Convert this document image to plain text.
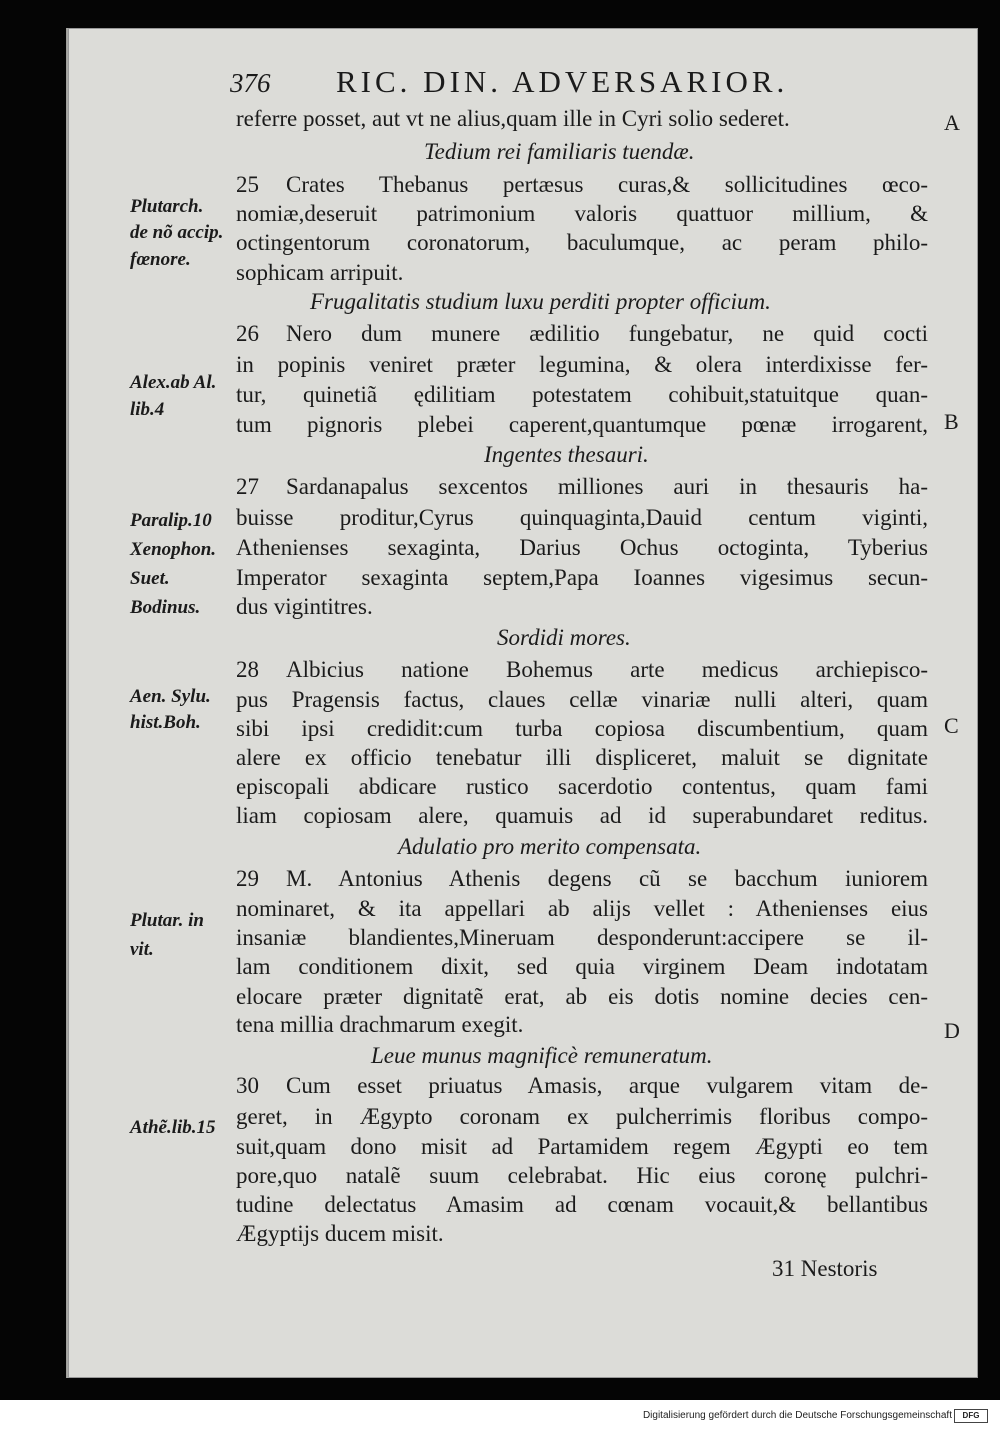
376 RIC. DIN. ADVERSARIOR.
referre posset, aut vt ne alius,quam ille in Cyri solio sederet.
Tedium rei familiaris tuendæ.
25 Crates Thebanus pertæsus curas,& sollicitudines œco-
nomiæ,deseruit patrimonium valoris quattuor millium, &
octingentorum coronatorum, baculumque, ac peram philo-
sophicam arripuit.
Frugalitatis studium luxu perditi propter officium.
26 Nero dum munere ædilitio fungebatur, ne quid cocti
in popinis veniret præter legumina, & olera interdixisse fer-
tur, quinetiã ędilitiam potestatem cohibuit,statuitque quan-
tum pignoris plebei caperent,quantumque pœnæ irrogarent,
Ingentes thesauri.
27 Sardanapalus sexcentos milliones auri in thesauris ha-
buisse proditur,Cyrus quinquaginta,Dauid centum viginti,
Athenienses sexaginta, Darius Ochus octoginta, Tyberius
Imperator sexaginta septem,Papa Ioannes vigesimus secun-
dus vigintitres.
Sordidi mores.
28 Albicius natione Bohemus arte medicus archiepisco-
pus Pragensis factus, claues cellæ vinariæ nulli alteri, quam
sibi ipsi credidit:cum turba copiosa discumbentium, quam
alere ex officio tenebatur illi displiceret, maluit se dignitate
episcopali abdicare rustico sacerdotio contentus, quam fami
liam copiosam alere, quamuis ad id superabundaret reditus.
Adulatio pro merito compensata.
29 M. Antonius Athenis degens cũ se bacchum iuniorem
nominaret, & ita appellari ab alijs vellet : Athenienses eius
insaniæ blandientes,Mineruam desponderunt:accipere se il-
lam conditionem dixit, sed quia virginem Deam indotatam
elocare præter dignitatẽ erat, ab eis dotis nomine decies cen-
tena millia drachmarum exegit.
Leue munus magnificè remuneratum.
30 Cum esset priuatus Amasis, arque vulgarem vitam de-
geret, in Ægypto coronam ex pulcherrimis floribus compo-
suit,quam dono misit ad Partamidem regem Ægypti eo tem
pore,quo natalẽ suum celebrabat. Hic eius coronę pulchri-
tudine delectatus Amasim ad cœnam vocauit,& bellantibus
Ægyptijs ducem misit.
31 Nestoris
Plutarch.
de nõ accip.
fœnore.
Alex.ab Al.
lib.4
Paralip.10
Xenophon.
Suet.
Bodinus.
Aen. Sylu.
hist.Boh.
Plutar. in
vit.
Athẽ.lib.15
A
B
C
D
Digitalisierung gefördert durch die Deutsche Forschungsgemeinschaft	DFG
